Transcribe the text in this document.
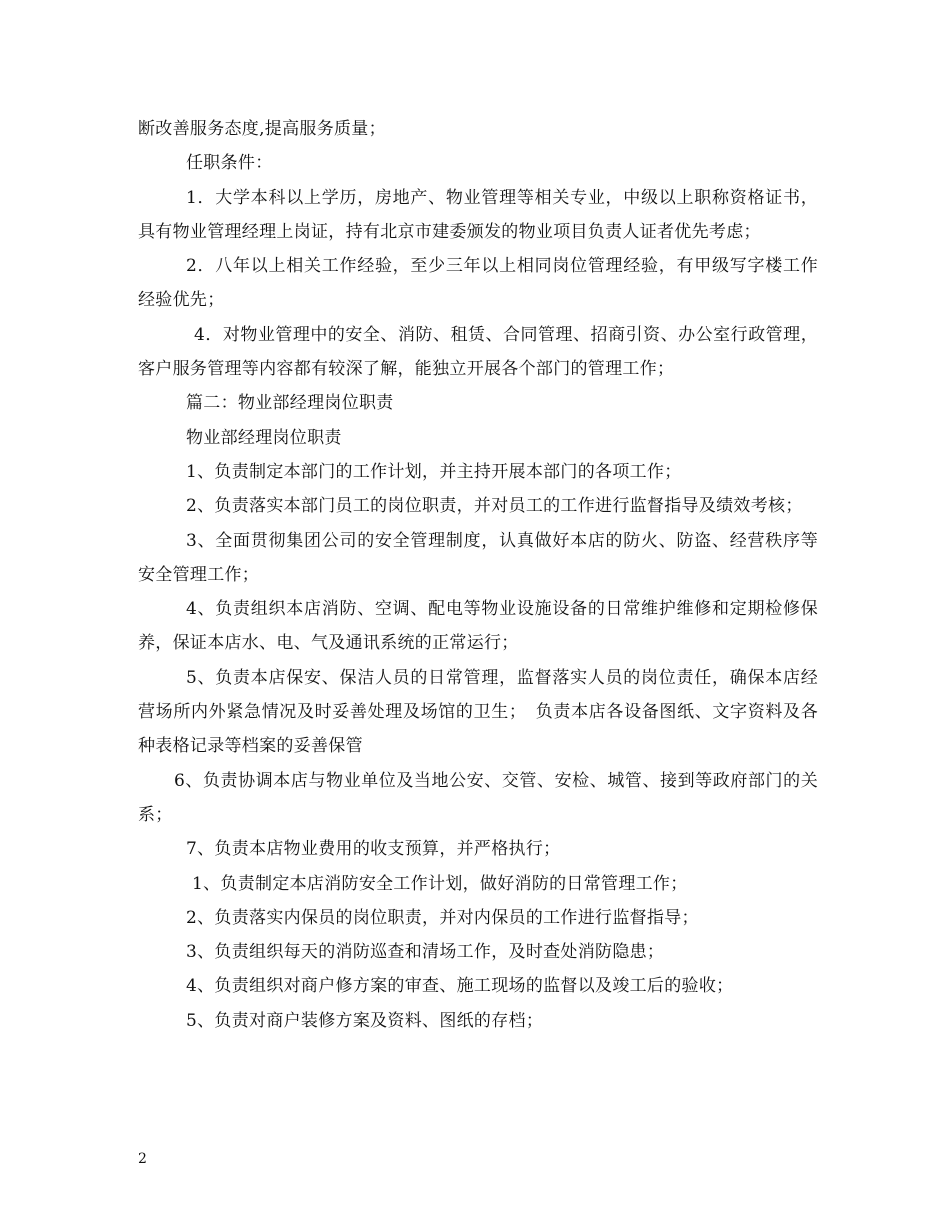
断改善服务态度,提高服务质量；

任职条件：

1．大学本科以上学历，房地产、物业管理等相关专业，中级以上职称资格证书，具有物业管理经理上岗证，持有北京市建委颁发的物业项目负责人证者优先考虑；

2．八年以上相关工作经验，至少三年以上相同岗位管理经验，有甲级写字楼工作经验优先；

4．对物业管理中的安全、消防、租赁、合同管理、招商引资、办公室行政管理，客户服务管理等内容都有较深了解，能独立开展各个部门的管理工作；

篇二：物业部经理岗位职责

物业部经理岗位职责

1、负责制定本部门的工作计划，并主持开展本部门的各项工作；

2、负责落实本部门员工的岗位职责，并对员工的工作进行监督指导及绩效考核；

3、全面贯彻集团公司的安全管理制度，认真做好本店的防火、防盗、经营秩序等安全管理工作；

4、负责组织本店消防、空调、配电等物业设施设备的日常维护维修和定期检修保养，保证本店水、电、气及通讯系统的正常运行；

5、负责本店保安、保洁人员的日常管理，监督落实人员的岗位责任，确保本店经营场所内外紧急情况及时妥善处理及场馆的卫生；　负责本店各设备图纸、文字资料及各种表格记录等档案的妥善保管

6、负责协调本店与物业单位及当地公安、交管、安检、城管、接到等政府部门的关系；

7、负责本店物业费用的收支预算，并严格执行；

1、负责制定本店消防安全工作计划，做好消防的日常管理工作；

2、负责落实内保员的岗位职责，并对内保员的工作进行监督指导；

3、负责组织每天的消防巡查和清场工作，及时查处消防隐患；

4、负责组织对商户修方案的审查、施工现场的监督以及竣工后的验收；

5、负责对商户装修方案及资料、图纸的存档；

2
